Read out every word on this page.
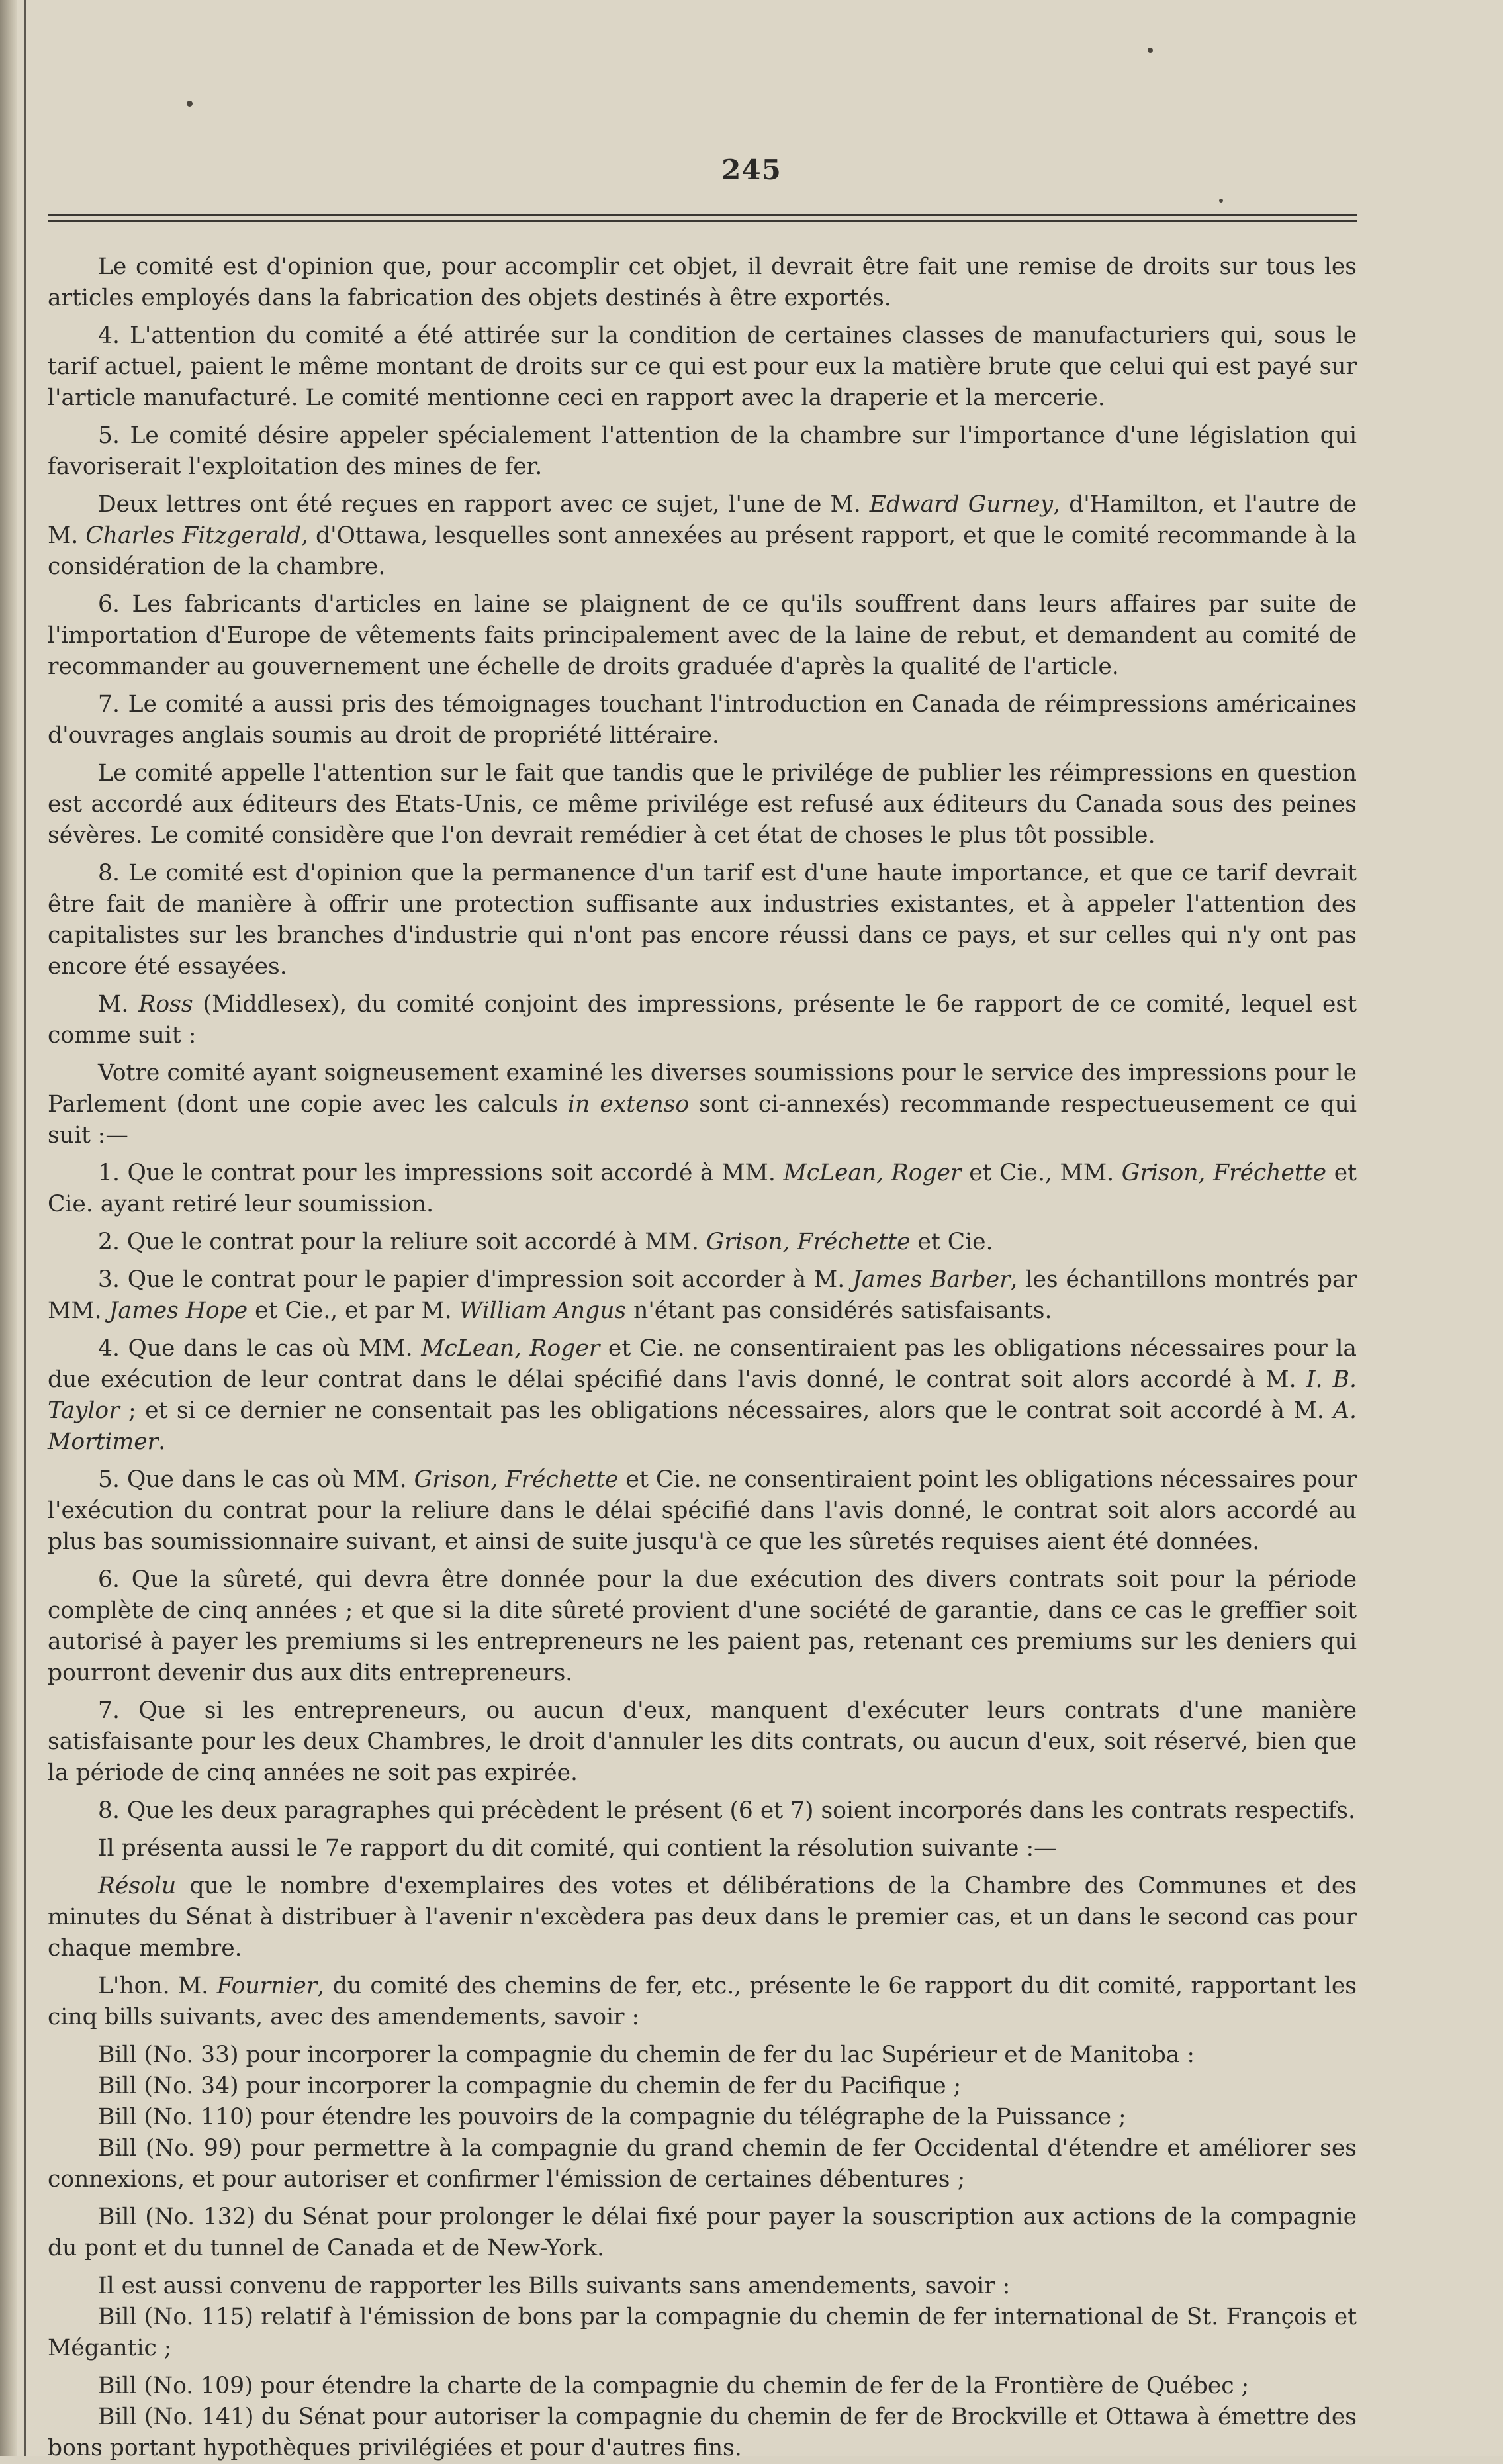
245

Le comité est d'opinion que, pour accomplir cet objet, il devrait être fait une remise de droits sur tous les articles employés dans la fabrication des objets destinés à être exportés.

4. L'attention du comité a été attirée sur la condition de certaines classes de manufacturiers qui, sous le tarif actuel, paient le même montant de droits sur ce qui est pour eux la matière brute que celui qui est payé sur l'article manufacturé. Le comité mentionne ceci en rapport avec la draperie et la mercerie.

5. Le comité désire appeler spécialement l'attention de la chambre sur l'importance d'une législation qui favoriserait l'exploitation des mines de fer.

Deux lettres ont été reçues en rapport avec ce sujet, l'une de M. Edward Gurney, d'Hamilton, et l'autre de M. Charles Fitzgerald, d'Ottawa, lesquelles sont annexées au présent rapport, et que le comité recommande à la considération de la chambre.

6. Les fabricants d'articles en laine se plaignent de ce qu'ils souffrent dans leurs affaires par suite de l'importation d'Europe de vêtements faits principalement avec de la laine de rebut, et demandent au comité de recommander au gouvernement une échelle de droits graduée d'après la qualité de l'article.

7. Le comité a aussi pris des témoignages touchant l'introduction en Canada de réimpressions américaines d'ouvrages anglais soumis au droit de propriété littéraire.

Le comité appelle l'attention sur le fait que tandis que le privilége de publier les réimpressions en question est accordé aux éditeurs des Etats-Unis, ce même privilége est refusé aux éditeurs du Canada sous des peines sévères. Le comité considère que l'on devrait remédier à cet état de choses le plus tôt possible.

8. Le comité est d'opinion que la permanence d'un tarif est d'une haute importance, et que ce tarif devrait être fait de manière à offrir une protection suffisante aux industries existantes, et à appeler l'attention des capitalistes sur les branches d'industrie qui n'ont pas encore réussi dans ce pays, et sur celles qui n'y ont pas encore été essayées.

M. Ross (Middlesex), du comité conjoint des impressions, présente le 6e rapport de ce comité, lequel est comme suit :

Votre comité ayant soigneusement examiné les diverses soumissions pour le service des impressions pour le Parlement (dont une copie avec les calculs in extenso sont ci-annexés) recommande respectueusement ce qui suit :—

1. Que le contrat pour les impressions soit accordé à MM. McLean, Roger et Cie., MM. Grison, Fréchette et Cie. ayant retiré leur soumission.

2. Que le contrat pour la reliure soit accordé à MM. Grison, Fréchette et Cie.

3. Que le contrat pour le papier d'impression soit accorder à M. James Barber, les échantillons montrés par MM. James Hope et Cie., et par M. William Angus n'étant pas considérés satisfaisants.

4. Que dans le cas où MM. McLean, Roger et Cie. ne consentiraient pas les obligations nécessaires pour la due exécution de leur contrat dans le délai spécifié dans l'avis donné, le contrat soit alors accordé à M. I. B. Taylor ; et si ce dernier ne consentait pas les obligations nécessaires, alors que le contrat soit accordé à M. A. Mortimer.

5. Que dans le cas où MM. Grison, Fréchette et Cie. ne consentiraient point les obligations nécessaires pour l'exécution du contrat pour la reliure dans le délai spécifié dans l'avis donné, le contrat soit alors accordé au plus bas soumissionnaire suivant, et ainsi de suite jusqu'à ce que les sûretés requises aient été données.

6. Que la sûreté, qui devra être donnée pour la due exécution des divers contrats soit pour la période complète de cinq années ; et que si la dite sûreté provient d'une société de garantie, dans ce cas le greffier soit autorisé à payer les premiums si les entrepreneurs ne les paient pas, retenant ces premiums sur les deniers qui pourront devenir dus aux dits entrepreneurs.

7. Que si les entrepreneurs, ou aucun d'eux, manquent d'exécuter leurs contrats d'une manière satisfaisante pour les deux Chambres, le droit d'annuler les dits contrats, ou aucun d'eux, soit réservé, bien que la période de cinq années ne soit pas expirée.

8. Que les deux paragraphes qui précèdent le présent (6 et 7) soient incorporés dans les contrats respectifs.

Il présenta aussi le 7e rapport du dit comité, qui contient la résolution suivante :—

Résolu que le nombre d'exemplaires des votes et délibérations de la Chambre des Communes et des minutes du Sénat à distribuer à l'avenir n'excèdera pas deux dans le premier cas, et un dans le second cas pour chaque membre.

L'hon. M. Fournier, du comité des chemins de fer, etc., présente le 6e rapport du dit comité, rapportant les cinq bills suivants, avec des amendements, savoir :

Bill (No. 33) pour incorporer la compagnie du chemin de fer du lac Supérieur et de Manitoba :

Bill (No. 34) pour incorporer la compagnie du chemin de fer du Pacifique ;

Bill (No. 110) pour étendre les pouvoirs de la compagnie du télégraphe de la Puissance ;

Bill (No. 99) pour permettre à la compagnie du grand chemin de fer Occidental d'étendre et améliorer ses connexions, et pour autoriser et confirmer l'émission de certaines débentures ;

Bill (No. 132) du Sénat pour prolonger le délai fixé pour payer la souscription aux actions de la compagnie du pont et du tunnel de Canada et de New-York.

Il est aussi convenu de rapporter les Bills suivants sans amendements, savoir :

Bill (No. 115) relatif à l'émission de bons par la compagnie du chemin de fer international de St. François et Mégantic ;

Bill (No. 109) pour étendre la charte de la compagnie du chemin de fer de la Frontière de Québec ;

Bill (No. 141) du Sénat pour autoriser la compagnie du chemin de fer de Brockville et Ottawa à émettre des bons portant hypothèques privilégiées et pour d'autres fins.
